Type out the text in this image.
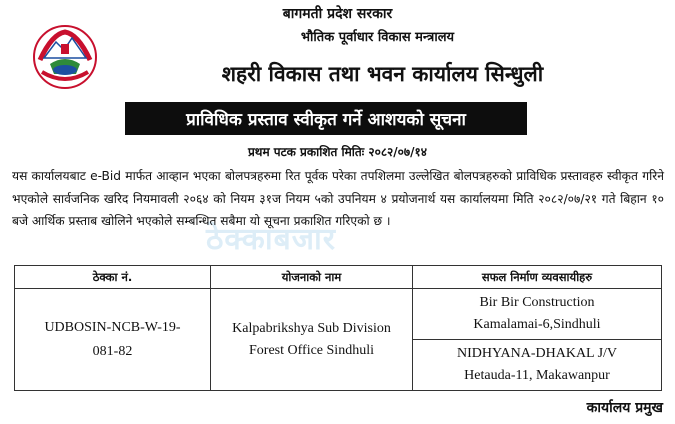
बागमती प्रदेश सरकार
भौतिक पूर्वाधार विकास मन्त्रालय
शहरी विकास तथा भवन कार्यालय सिन्धुली
प्राविधिक प्रस्ताव स्वीकृत गर्ने आशयको सूचना
प्रथम पटक प्रकाशित मितिः २०८२/०७/१४
ठेक्काबजार
यस कार्यालयबाट e-Bid मार्फत आव्हान भएका बोलपत्रहरुमा रित पूर्वक परेका तपशिलमा उल्लेखित बोलपत्रहरुको प्राविधिक प्रस्तावहरु स्वीकृत गरिने भएकोले सार्वजनिक खरिद नियमावली २०६४ को नियम ३१ज नियम ५को उपनियम ४ प्रयोजनार्थ यस कार्यालयमा मिति २०८२/०७/२१ गते बिहान १० बजे आर्थिक प्रस्ताब खोलिने भएकोले सम्बन्धित सबैमा यो सूचना प्रकाशित गरिएको छ ।
ठेक्का नं.	योजनाको नाम	सफल निर्माण व्यवसायीहरु
UDBOSIN-NCB-W-19-081-82	Kalpabrikshya Sub Division Forest Office Sindhuli	Bir Bir Construction
Kamalamai-6,Sindhuli

		NIDHYANA-DHAKAL J/V
Hetauda-11, Makawanpur
कार्यालय प्रमुख
